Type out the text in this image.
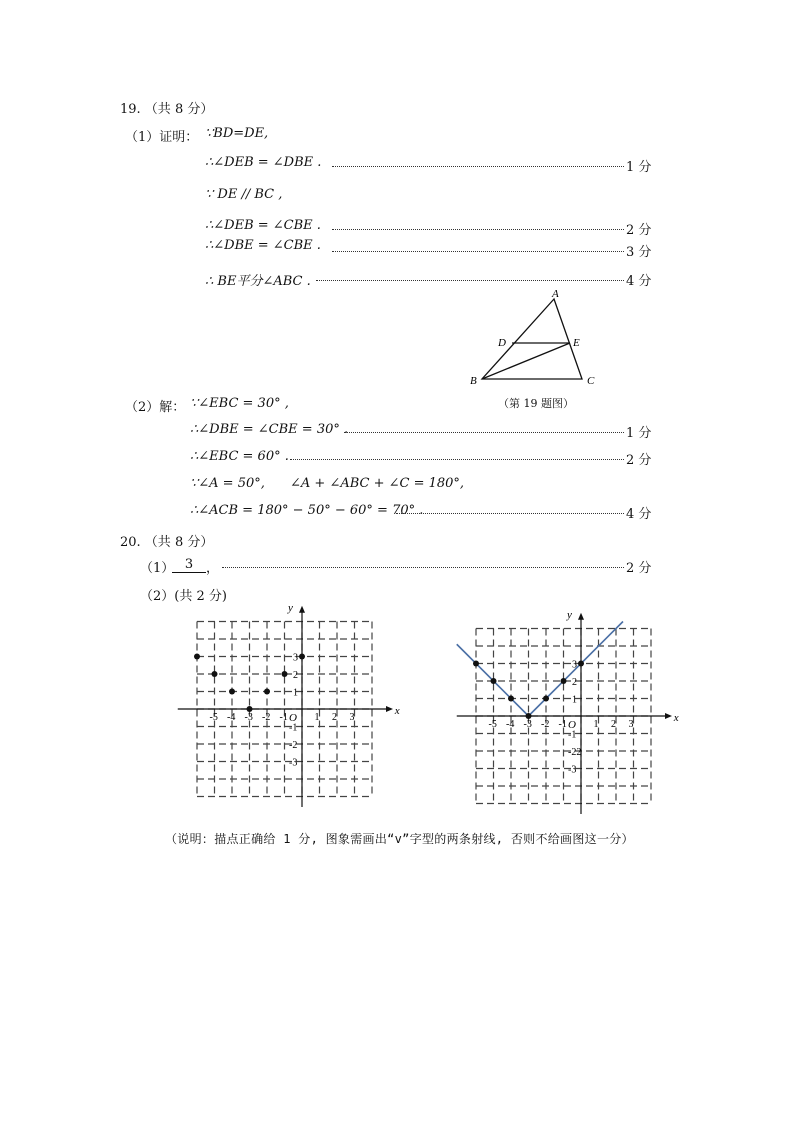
19. （共 8 分）
（1）证明： ∵BD=DE,
∴∠DEB = ∠DBE .	1 分
∵ DE // BC ,
∴∠DEB = ∠CBE .	2 分
∴∠DBE = ∠CBE .	3 分
∴ BE平分∠ABC .	4 分
A
D	E
B	C
（2）解： ∵∠EBC = 30° ,	（第 19 题图）
∴∠DBE = ∠CBE = 30° .	1 分
∴∠EBC = 60° .	2 分
∵∠A = 50°, ∠A + ∠ABC + ∠C = 180°,
∴∠ACB = 180° − 50° − 60° = 70° .	4 分
20. （共 8 分）
（1） 3 ，	2 分
（2）(共 2 分)
x
y
O
-5 -4 -3 -2 -1	1 2 3
3
2
1
-1
-2
-3
x
y
O
-5 -4 -3 -2 -1	1 2 3
3
2
1
-1
-22
-3
（说明：描点正确给 1 分, 图象需画出“v”字型的两条射线, 否则不给画图这一分）
